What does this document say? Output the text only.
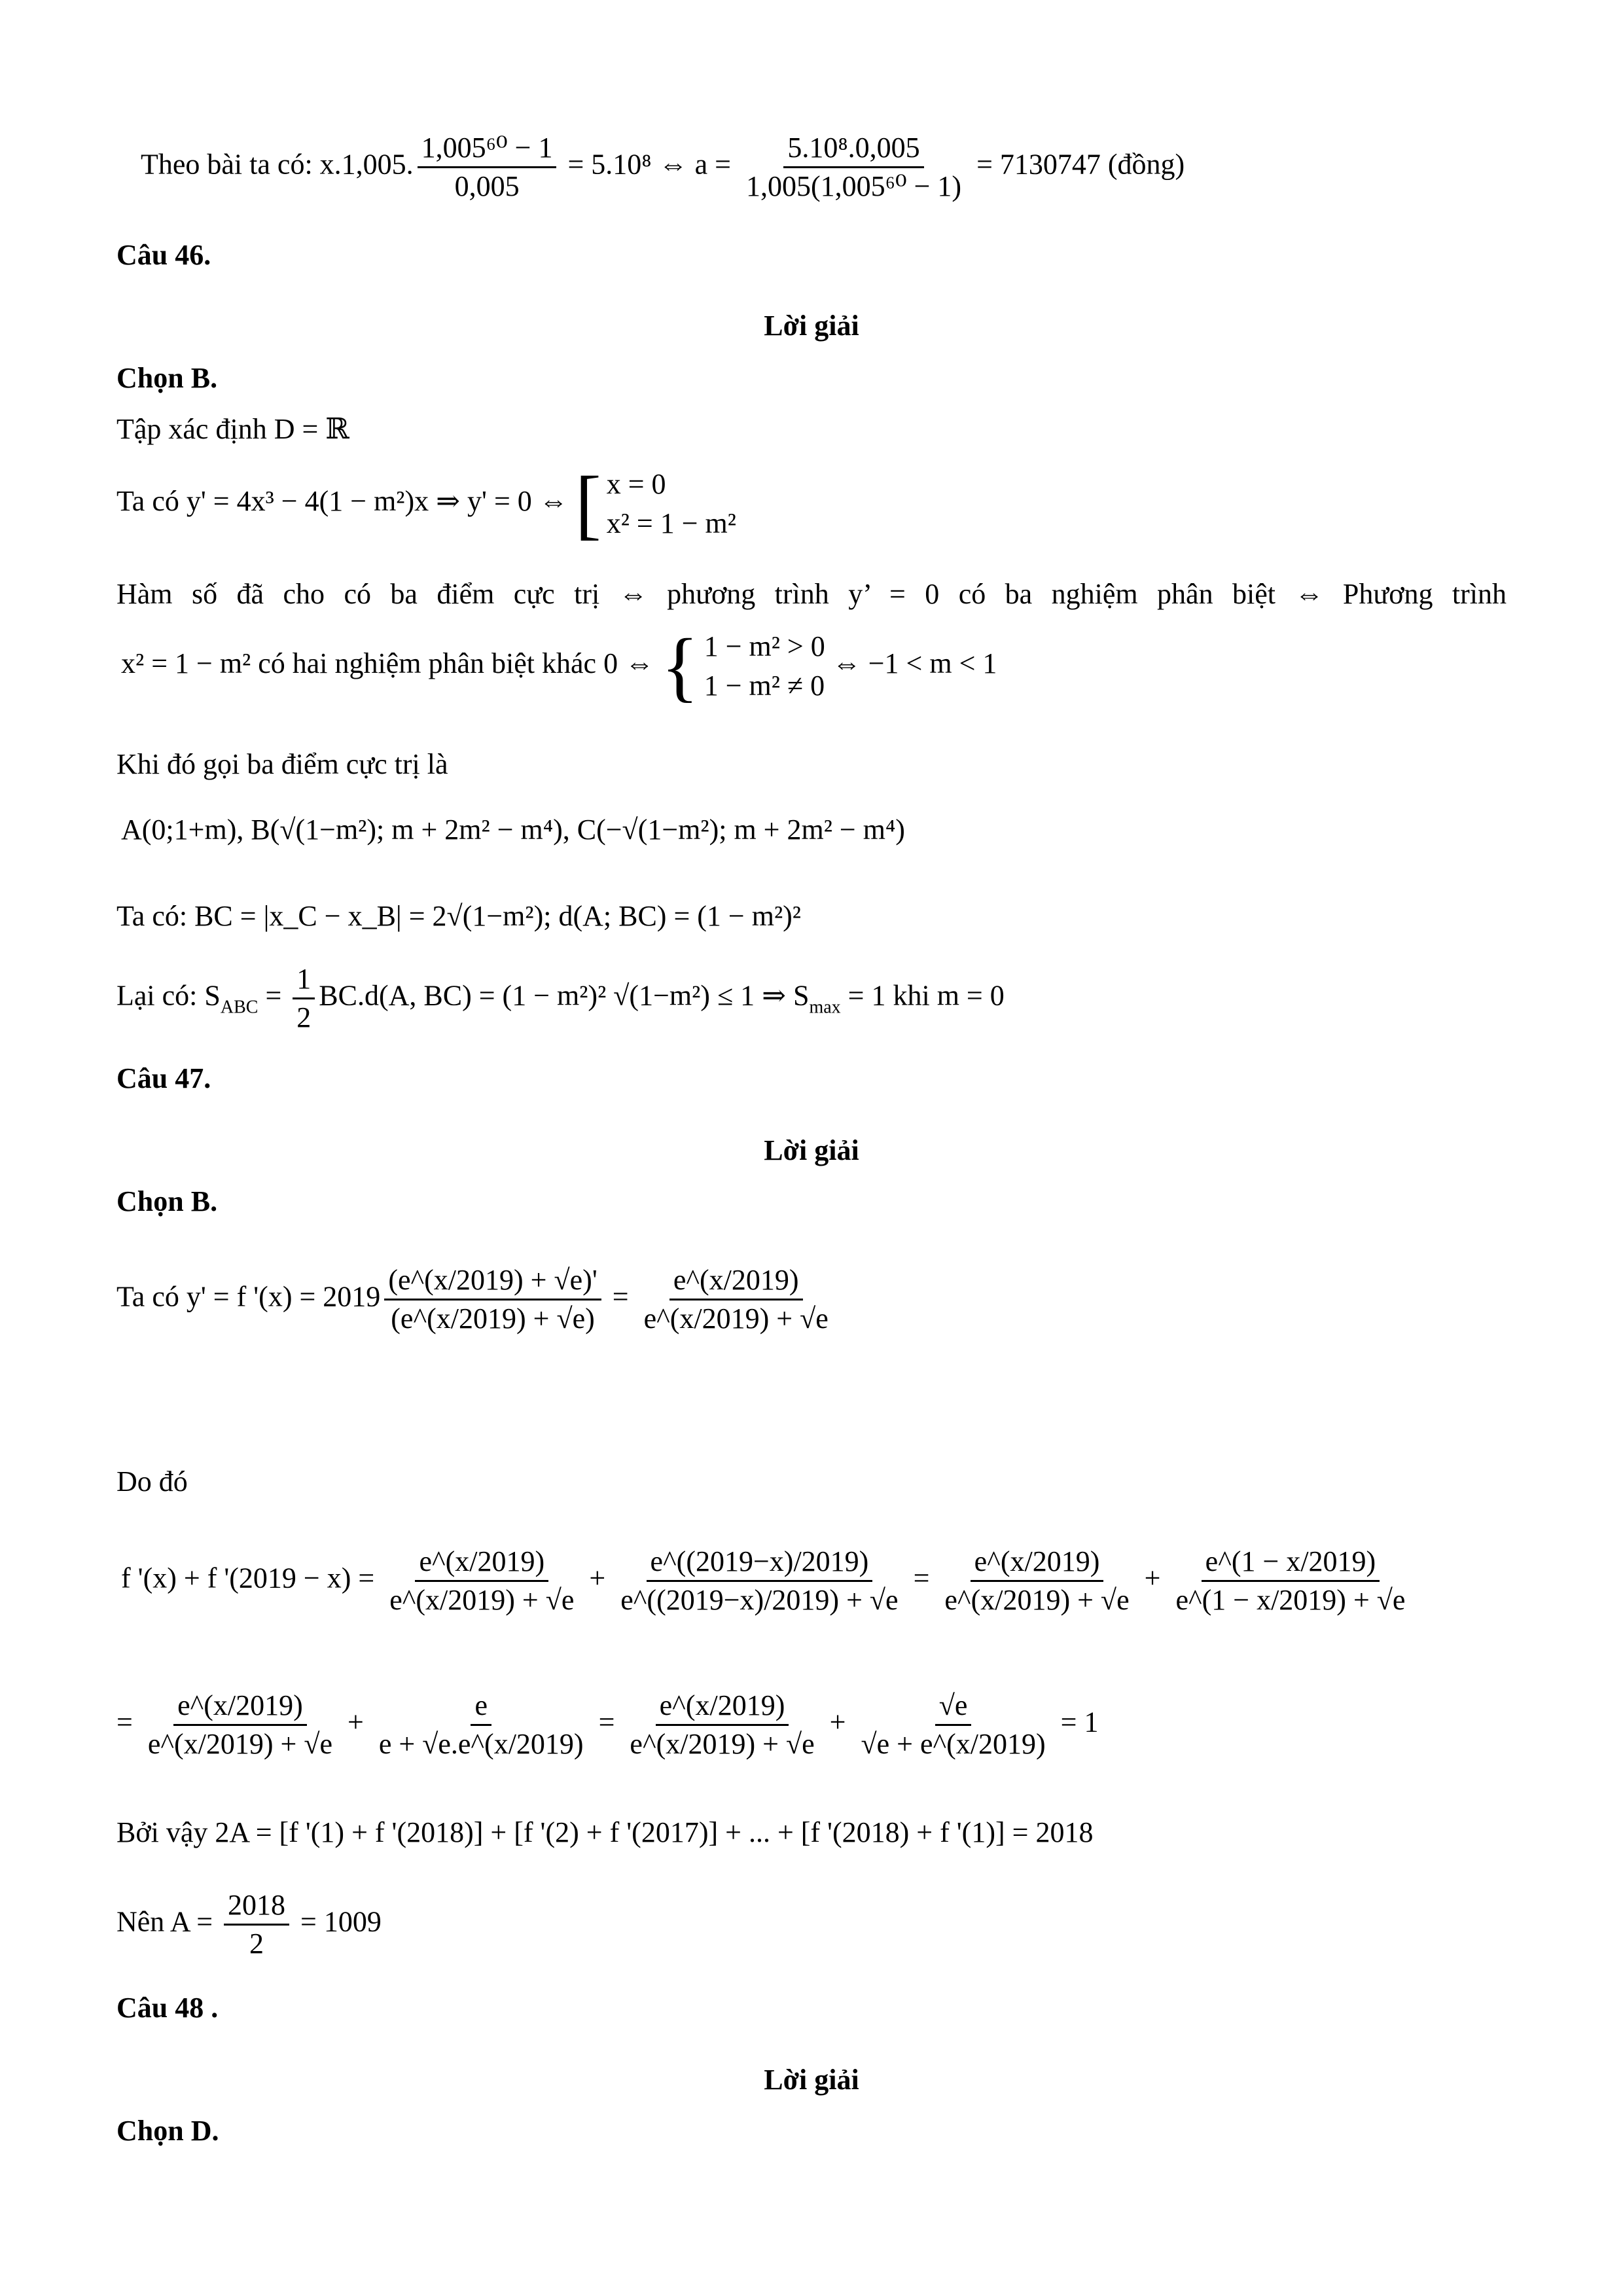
Theo bài ta có: x.1,005. $\frac{\text{1,005⁶⁰ − 1}}{0,005} = 5.10^8$ ⇔ $a = \frac{\text{5.10⁸.0,005}}{\text{1,005(1,005⁶⁰ − 1)}} = 7130747$ (đồng)
Câu 46.
Lời giải
Chọn B.
Tập xác định D = ℝ
Ta có y' = 4x³ − 4(1 − m²)x ⇒ y' = 0 ⇔ [ x = 0
x² = 1 − m²
Hàm số đã cho có ba điểm cực trị ⇔ phương trình y’ = 0 có ba nghiệm phân biệt ⇔ Phương trình
x² = 1 − m² có hai nghiệm phân biệt khác 0 ⇔ { 1 − m² > 0
1 − m² ≠ 0
⇔ −1 < m < 1
Khi đó gọi ba điểm cực trị là
A(0;1+m), B(√(1−m²); m + 2m² − m⁴), C(−√(1−m²); m + 2m² − m⁴)
Ta có: BC = |x_C − x_B| = 2√(1−m²); d(A; BC) = (1 − m²)²
Lại có: $S_{ABC} = \frac{1}{2} BC.d(A$, BC) = (1 − m²)² √(1−m²) ≤ 1 ⇒ $S_{max} = 1$ khi m = 0
Câu 47.
Lời giải
Chọn B.
Ta có y' = f '$(x) = 2019 \frac{(e\^{}(x/2019) + √e)'}{(e\^{}(x/2019) + √e)} = \frac{e\^{}(x/2019)}{e\^{}(x/2019) + √e}$
Do đó
f '(x) + f '$(2019 - x) = \frac{e\^{}(x/2019)}{e\^{}(x/2019) + √e} + \frac{e\^{}((2019-x)/2019)}{e\^{}((2019-x)/2019) + √e} = \frac{e\^{}(x/2019)}{e\^{}(x/2019) + √e} + \frac{e\^{}(1 - x/2019)}{e\^{}(1 - x/2019) + √e}$
= $\frac{e\^{}(x/2019)}{e\^{}(x/2019) + √e} + \frac{e}{e + √e.e\^{}(x/2019)} = \frac{e\^{}(x/2019)}{e\^{}(x/2019) + √e} + \frac{√e}{√e + e\^{}(x/2019)} = 1$
Bởi vậy 2A = [f '(1) + f '(2018)] + [f '(2) + f '(2017)] + ... + [f '(2018) + f '(1)] = 2018
Nên $A = \frac{2018}{2} = 1009$
Câu 48 .
Lời giải
Chọn D.
